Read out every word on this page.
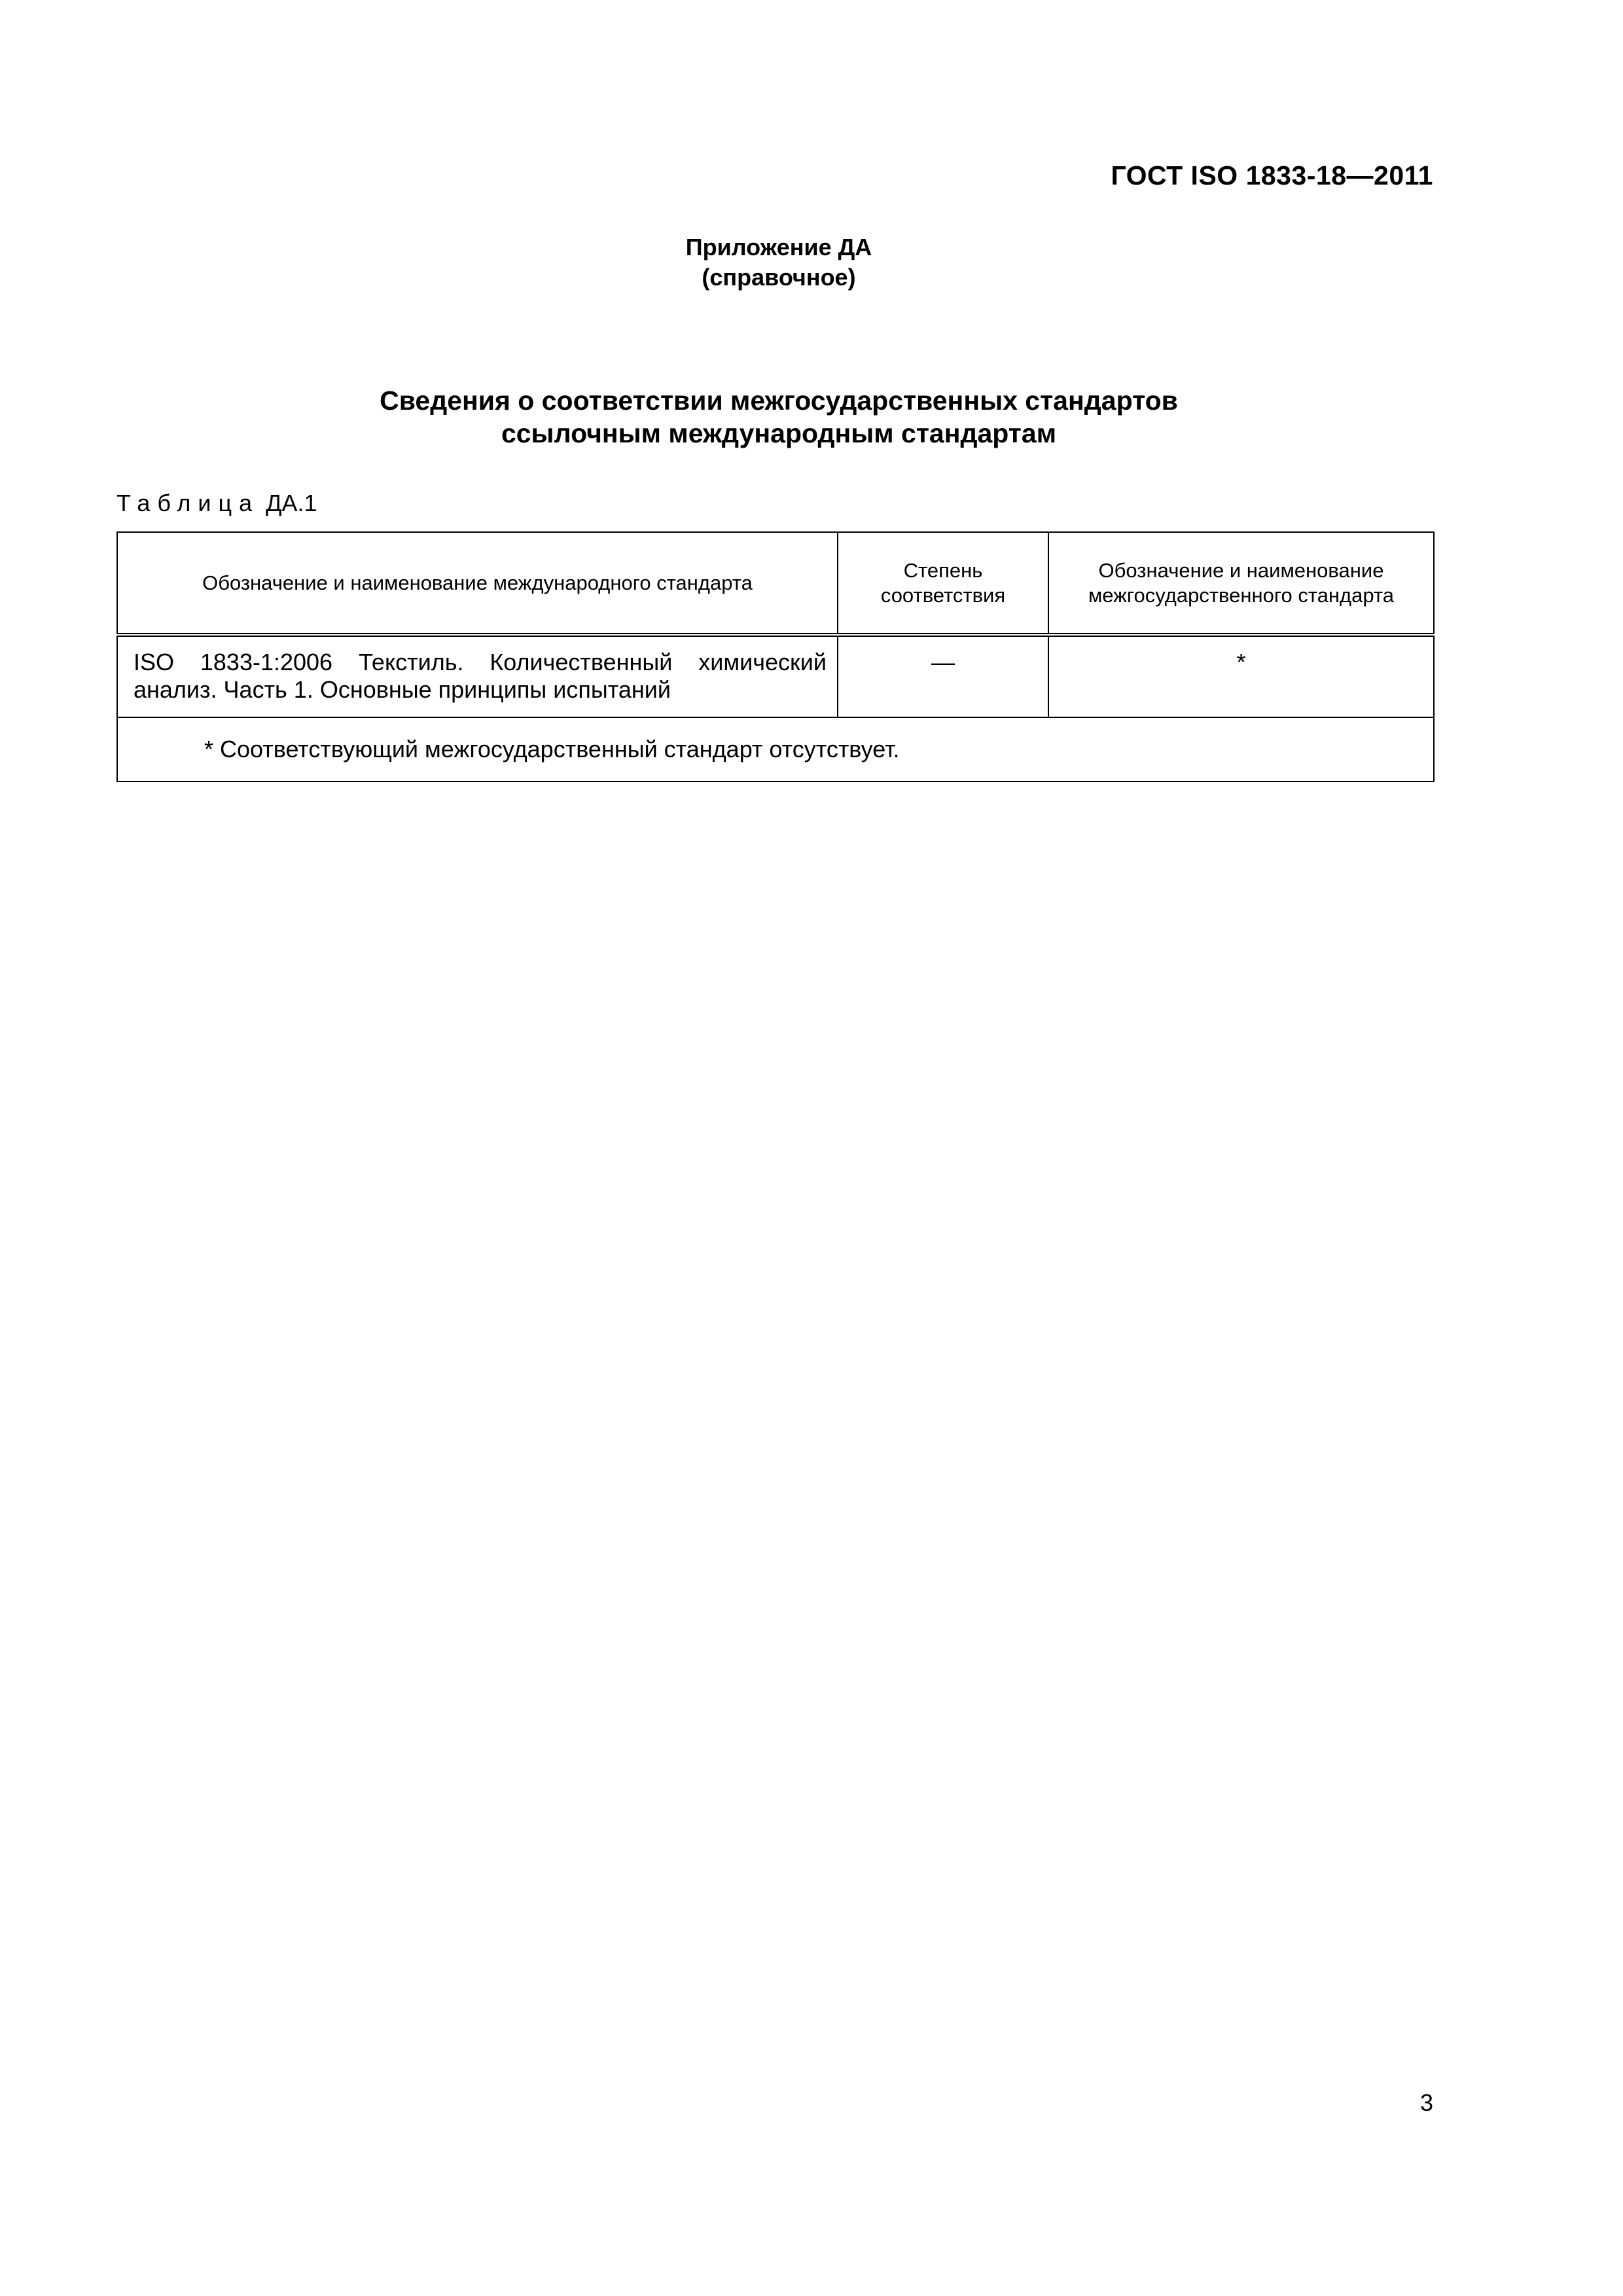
ГОСТ ISO 1833-18—2011
Приложение ДА
(справочное)
Сведения о соответствии межгосударственных стандартов
ссылочным международным стандартам
Таблица ДА.1
Обозначение и наименование международного стандарта	Степень соответствия	Обозначение и наименование межгосударственного стандарта
ISO 1833-1:2006 Текстиль. Количественный химический анализ. Часть 1. Основные принципы испытаний	—	*
* Соответствующий межгосударственный стандарт отсутствует.		
3
